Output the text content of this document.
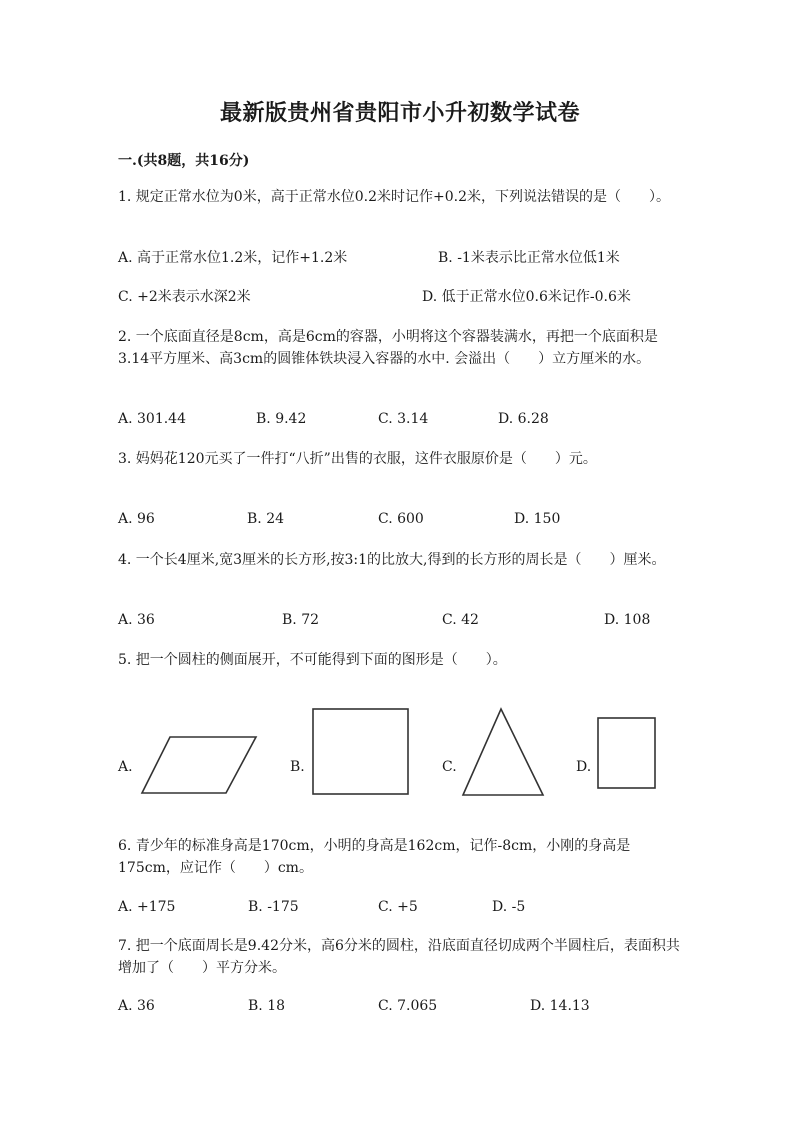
最新版贵州省贵阳市小升初数学试卷
一.(共8题，共16分)
1. 规定正常水位为0米，高于正常水位0.2米时记作+0.2米，下列说法错误的是（　　）。
A. 高于正常水位1.2米，记作+1.2米	B. -1米表示比正常水位低1米
C. +2米表示水深2米	D. 低于正常水位0.6米记作-0.6米
2. 一个底面直径是8cm，高是6cm的容器，小明将这个容器装满水，再把一个底面积是3.14平方厘米、高3cm的圆锥体铁块浸入容器的水中. 会溢出（　　）立方厘米的水。
A. 301.44	B. 9.42	C. 3.14	D. 6.28
3. 妈妈花120元买了一件打“八折”出售的衣服，这件衣服原价是（　　）元。
A. 96	B. 24	C. 600	D. 150
4. 一个长4厘米,宽3厘米的长方形,按3:1的比放大,得到的长方形的周长是（　　）厘米。
A. 36	B. 72	C. 42	D. 108
5. 把一个圆柱的侧面展开，不可能得到下面的图形是（　　）。
A.	B.	C.	D.
6. 青少年的标准身高是170cm，小明的身高是162cm，记作-8cm，小刚的身高是175cm，应记作（　　）cm。
A. +175	B. -175	C. +5	D. -5
7. 把一个底面周长是9.42分米，高6分米的圆柱，沿底面直径切成两个半圆柱后，表面积共增加了（　　）平方分米。
A. 36	B. 18	C. 7.065	D. 14.13
